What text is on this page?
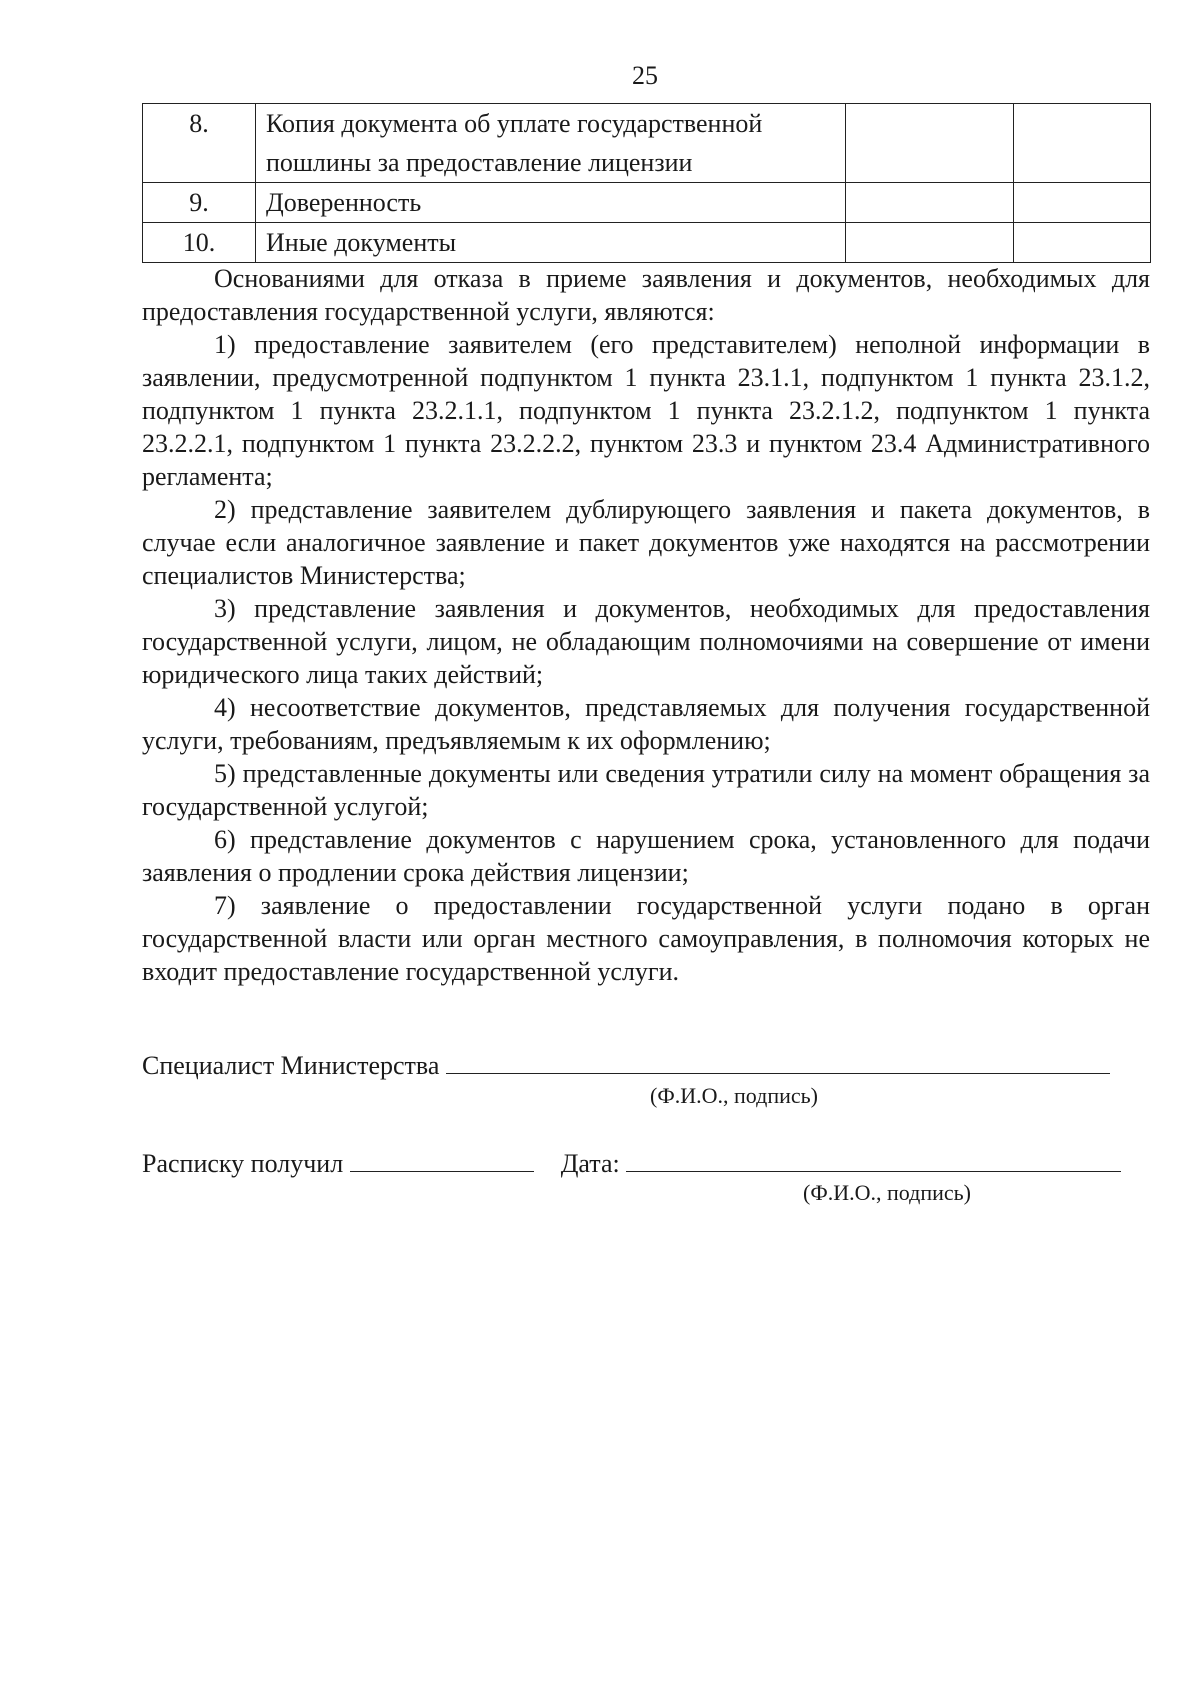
25
8.	Копия документа об уплате государственной пошлины за предоставление лицензии		
9.	Доверенность		
10.	Иные документы		

Основаниями для отказа в приеме заявления и документов, необходимых для предоставления государственной услуги, являются:

1) предоставление заявителем (его представителем) неполной информации в заявлении, предусмотренной подпунктом 1 пункта 23.1.1, подпунктом 1 пункта 23.1.2, подпунктом 1 пункта 23.2.1.1, подпунктом 1 пункта 23.2.1.2, подпунктом 1 пункта 23.2.2.1, подпунктом 1 пункта 23.2.2.2, пунктом 23.3 и пунктом 23.4 Административного регламента;

2) представление заявителем дублирующего заявления и пакета документов, в случае если аналогичное заявление и пакет документов уже находятся на рассмотрении специалистов Министерства;

3) представление заявления и документов, необходимых для предоставления государственной услуги, лицом, не обладающим полномочиями на совершение от имени юридического лица таких действий;

4) несоответствие документов, представляемых для получения государственной услуги, требованиям, предъявляемым к их оформлению;

5) представленные документы или сведения утратили силу на момент обращения за государственной услугой;

6) представление документов с нарушением срока, установленного для подачи заявления о продлении срока действия лицензии;

7) заявление о предоставлении государственной услуги подано в орган государственной власти или орган местного самоуправления, в полномочия которых не входит предоставление государственной услуги.

Специалист Министерства
(Ф.И.О., подпись)
Расписку получил	Дата:
(Ф.И.О., подпись)
